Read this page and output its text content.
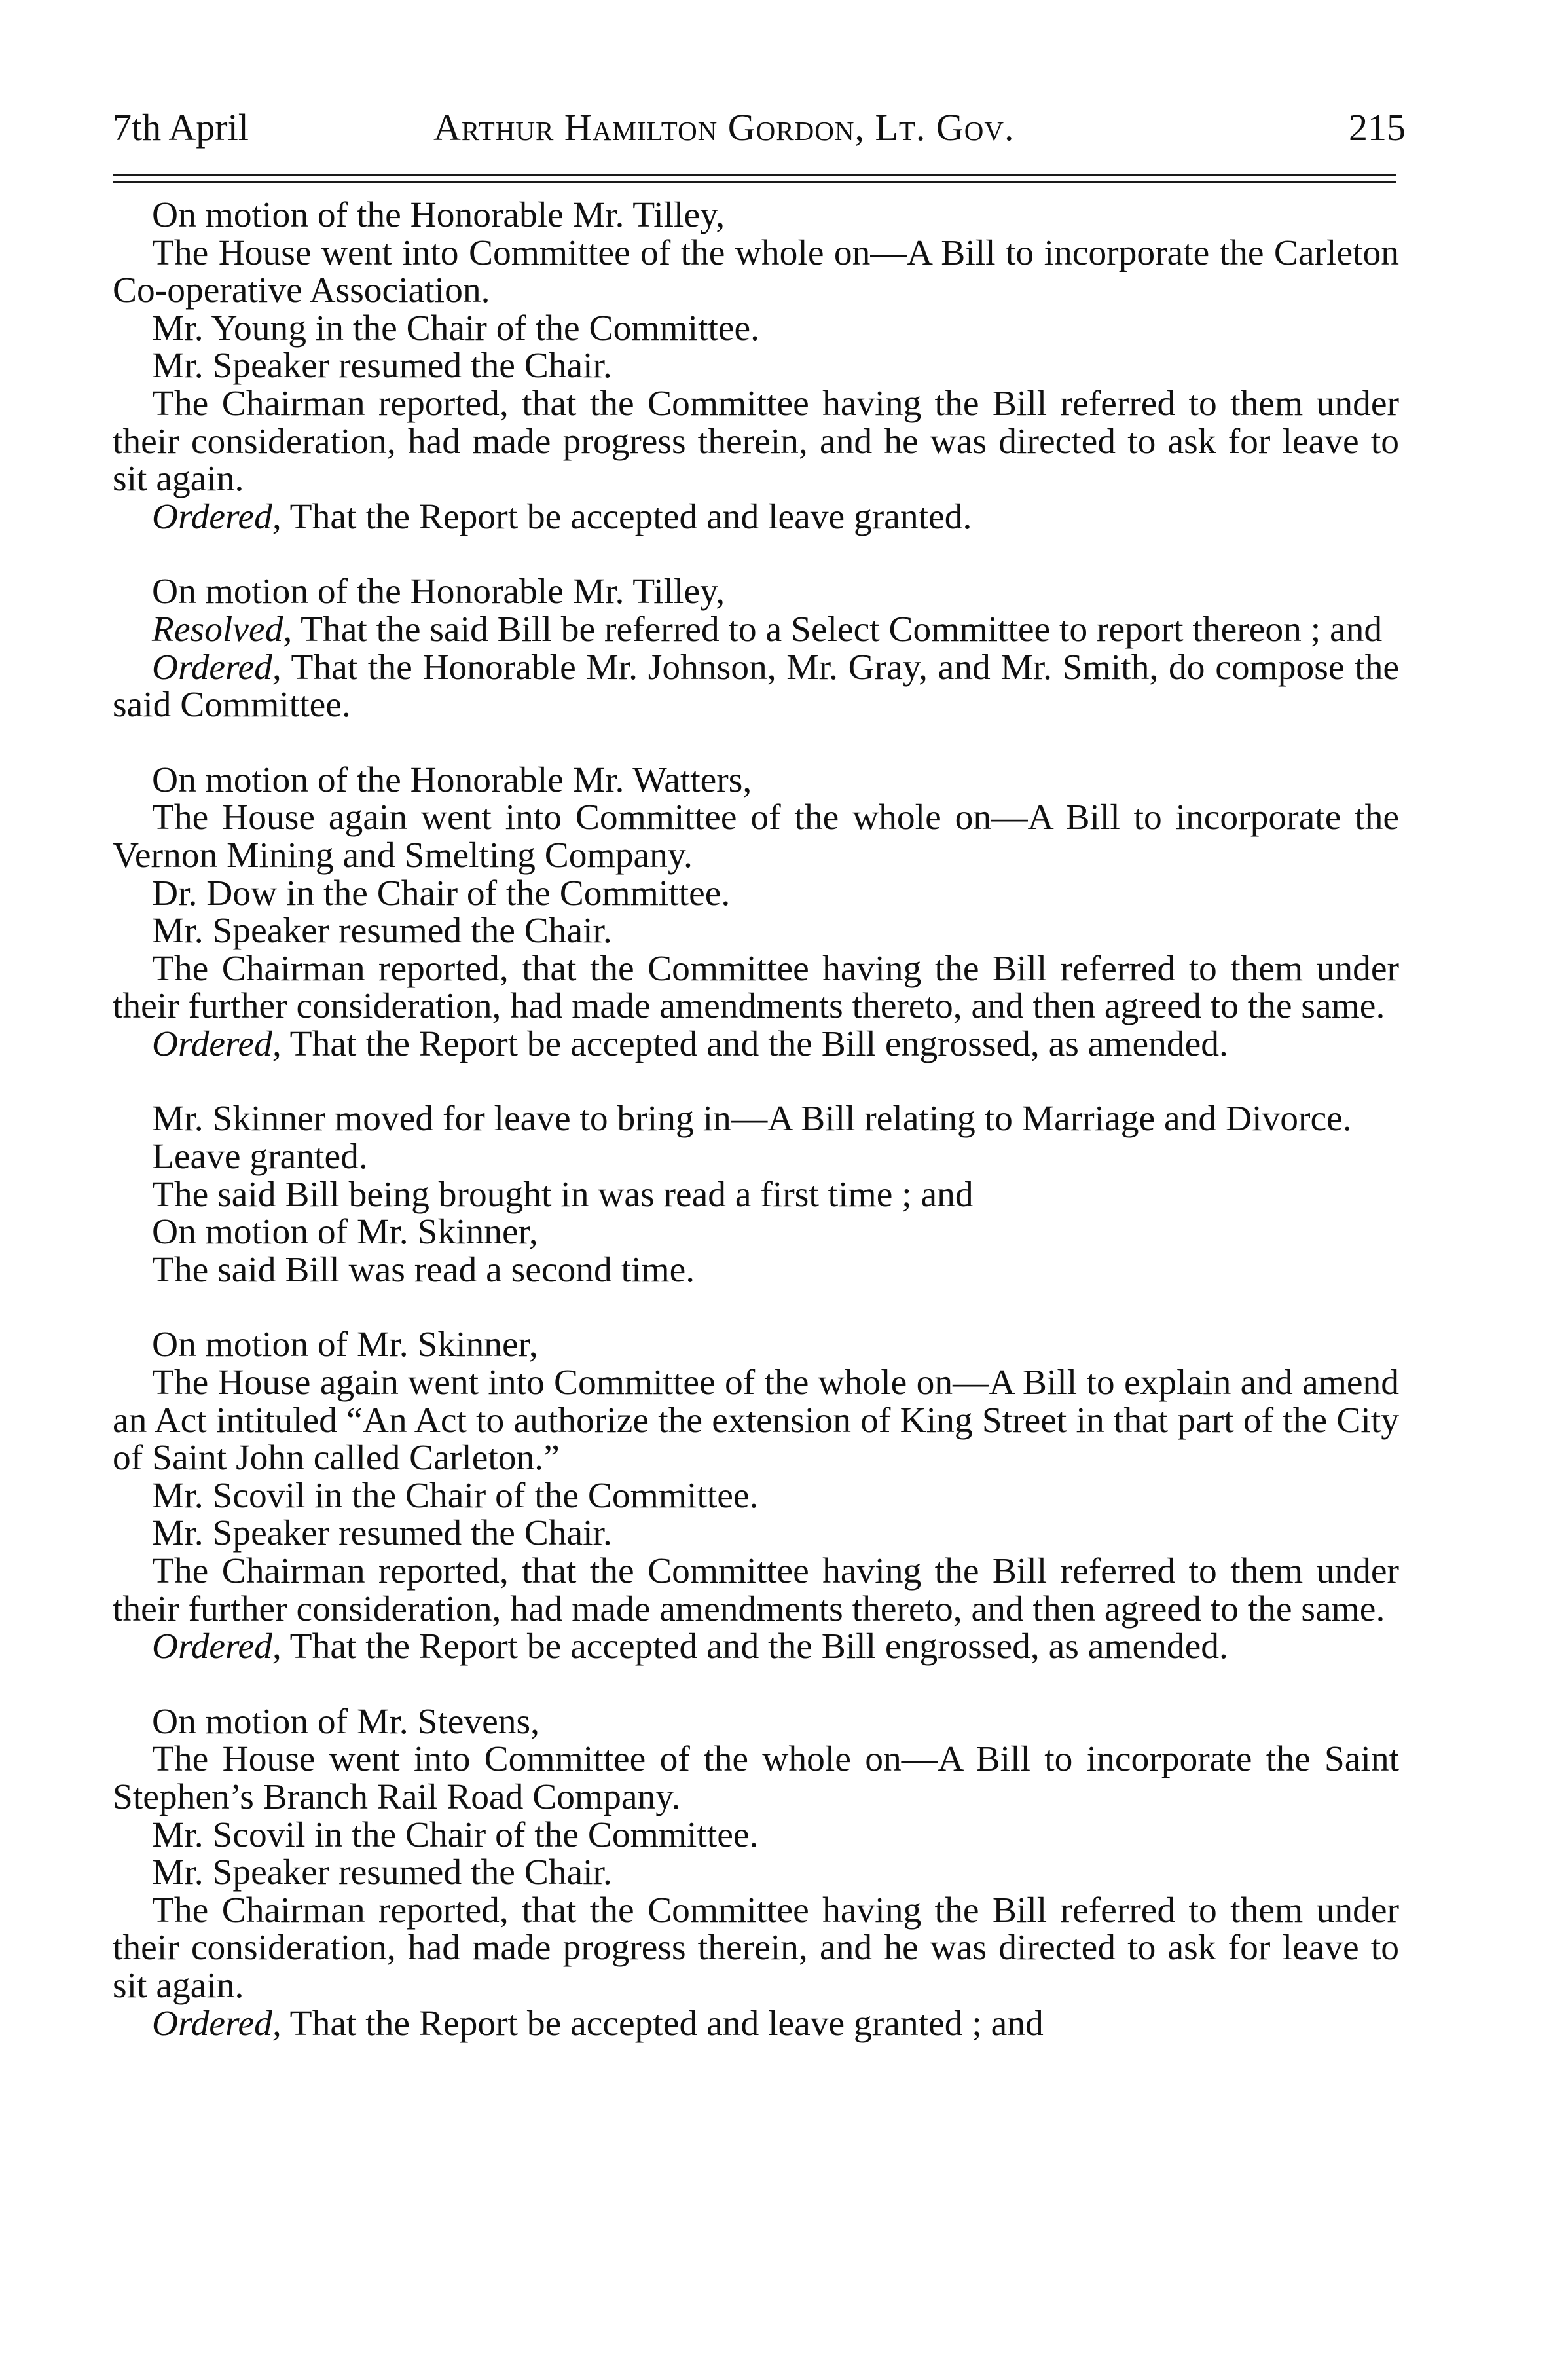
7th April	Arthur Hamilton Gordon, Lt. Gov.	215

On motion of the Honorable Mr. Tilley,

The House went into Committee of the whole on—A Bill to incorporate the Carleton Co-operative Association.

Mr. Young in the Chair of the Committee.

Mr. Speaker resumed the Chair.

The Chairman reported, that the Committee having the Bill referred to them under their consideration, had made progress therein, and he was directed to ask for leave to sit again.

Ordered, That the Report be accepted and leave granted.

On motion of the Honorable Mr. Tilley,

Resolved, That the said Bill be referred to a Select Committee to report thereon ; and

Ordered, That the Honorable Mr. Johnson, Mr. Gray, and Mr. Smith, do compose the said Committee.

On motion of the Honorable Mr. Watters,

The House again went into Committee of the whole on—A Bill to incorporate the Vernon Mining and Smelting Company.

Dr. Dow in the Chair of the Committee.

Mr. Speaker resumed the Chair.

The Chairman reported, that the Committee having the Bill referred to them under their further consideration, had made amendments thereto, and then agreed to the same.

Ordered, That the Report be accepted and the Bill engrossed, as amended.

Mr. Skinner moved for leave to bring in—A Bill relating to Marriage and Divorce.

Leave granted.

The said Bill being brought in was read a first time ; and

On motion of Mr. Skinner,

The said Bill was read a second time.

On motion of Mr. Skinner,

The House again went into Committee of the whole on—A Bill to explain and amend an Act intituled “An Act to authorize the extension of King Street in that part of the City of Saint John called Carleton.”

Mr. Scovil in the Chair of the Committee.

Mr. Speaker resumed the Chair.

The Chairman reported, that the Committee having the Bill referred to them under their further consideration, had made amendments thereto, and then agreed to the same.

Ordered, That the Report be accepted and the Bill engrossed, as amended.

On motion of Mr. Stevens,

The House went into Committee of the whole on—A Bill to incorporate the Saint Stephen’s Branch Rail Road Company.

Mr. Scovil in the Chair of the Committee.

Mr. Speaker resumed the Chair.

The Chairman reported, that the Committee having the Bill referred to them under their consideration, had made progress therein, and he was directed to ask for leave to sit again.

Ordered, That the Report be accepted and leave granted ; and
